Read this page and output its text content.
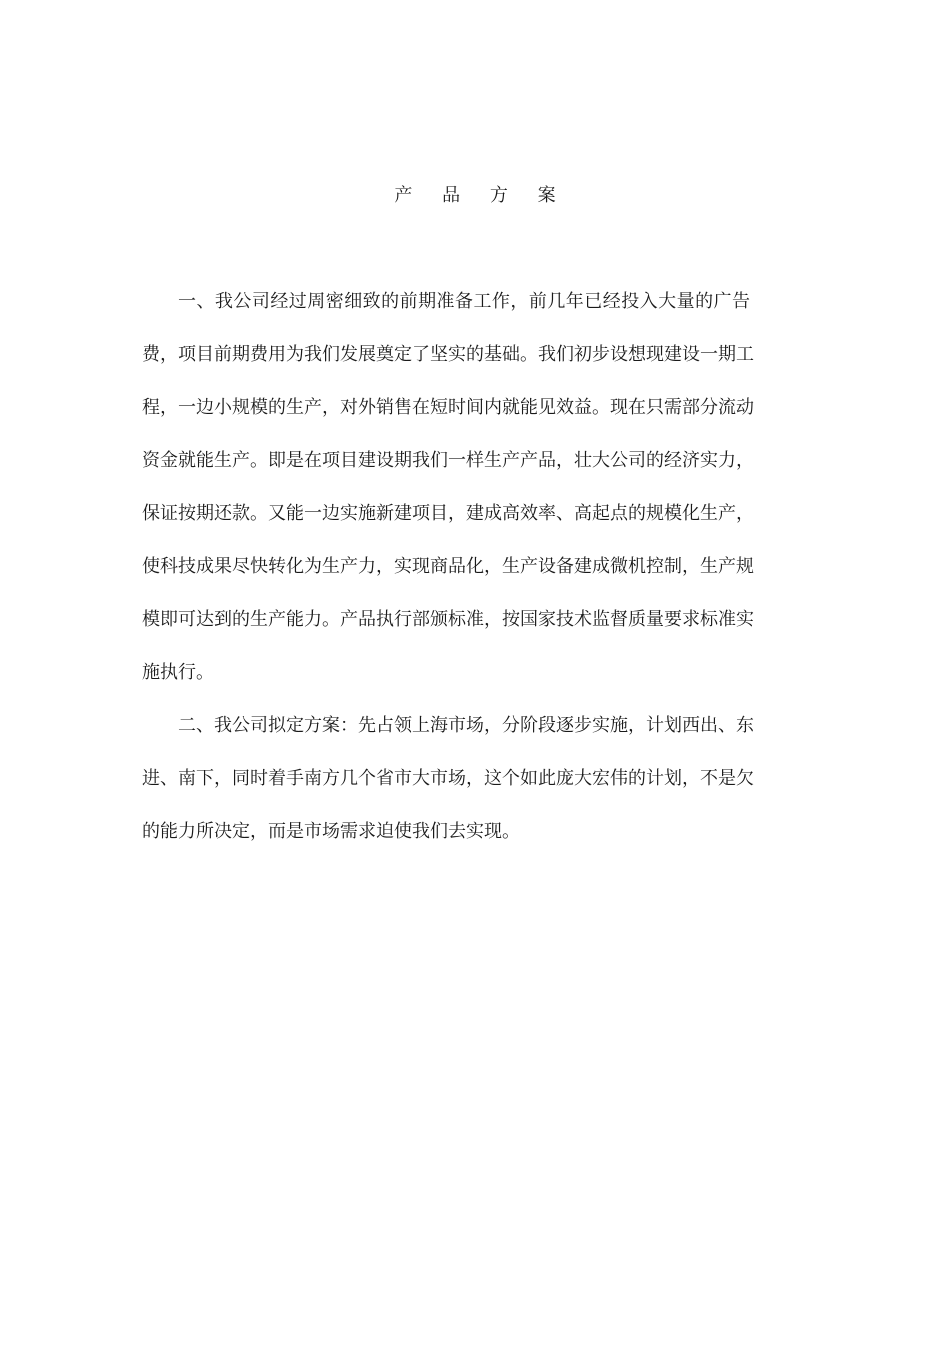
产 品 方 案

一、我公司经过周密细致的前期准备工作，前几年已经投入大量的广告

费，项目前期费用为我们发展奠定了坚实的基础。我们初步设想现建设一期工

程，一边小规模的生产，对外销售在短时间内就能见效益。现在只需部分流动

资金就能生产。即是在项目建设期我们一样生产产品，壮大公司的经济实力，

保证按期还款。又能一边实施新建项目，建成高效率、高起点的规模化生产，

使科技成果尽快转化为生产力，实现商品化，生产设备建成微机控制，生产规

模即可达到的生产能力。产品执行部颁标准，按国家技术监督质量要求标准实

施执行。

二、我公司拟定方案：先占领上海市场，分阶段逐步实施，计划西出、东

进、南下，同时着手南方几个省市大市场，这个如此庞大宏伟的计划，不是欠

的能力所决定，而是市场需求迫使我们去实现。
